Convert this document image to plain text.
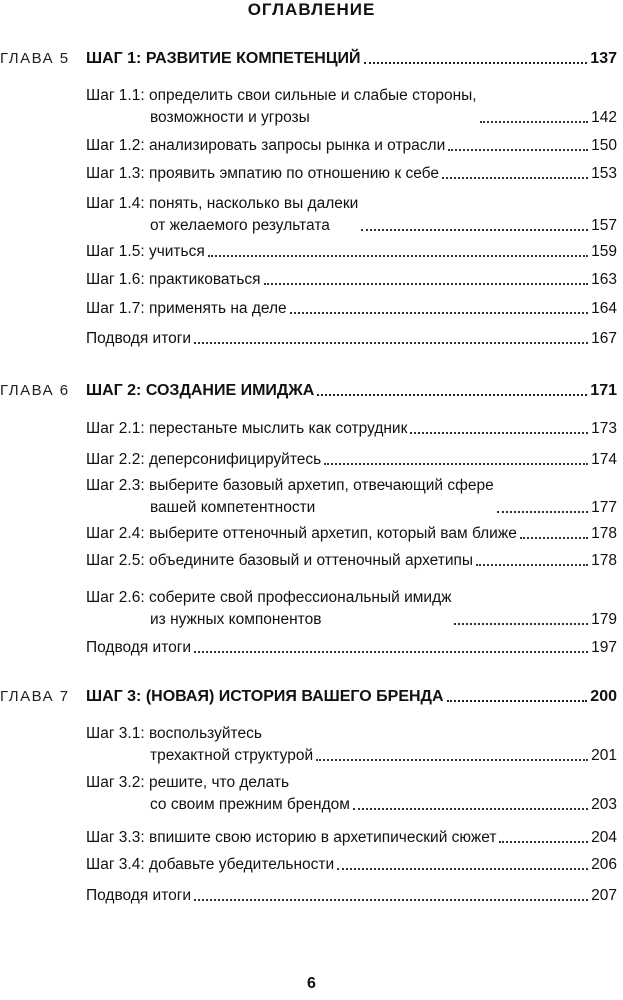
ОГЛАВЛЕНИЕ
ГЛАВА 5 ШАГ 1: РАЗВИТИЕ КОМПЕТЕНЦИЙ	137
Шаг 1.1: определить свои сильные и слабые стороны,
возможности и угрозы	142
Шаг 1.2: анализировать запросы рынка и отрасли	150
Шаг 1.3: проявить эмпатию по отношению к себе	153
Шаг 1.4: понять, насколько вы далеки
от желаемого результата	157
Шаг 1.5: учиться	159
Шаг 1.6: практиковаться	163
Шаг 1.7: применять на деле	164
Подводя итоги	167
ГЛАВА 6 ШАГ 2: СОЗДАНИЕ ИМИДЖА	171
Шаг 2.1: перестаньте мыслить как сотрудник	173
Шаг 2.2: деперсонифицируйтесь	174
Шаг 2.3: выберите базовый архетип, отвечающий сфере
вашей компетентности	177
Шаг 2.4: выберите оттеночный архетип, который вам ближе	178
Шаг 2.5: объедините базовый и оттеночный архетипы	178
Шаг 2.6: соберите свой профессиональный имидж
из нужных компонентов	179
Подводя итоги	197
ГЛАВА 7 ШАГ 3: (НОВАЯ) ИСТОРИЯ ВАШЕГО БРЕНДА	200
Шаг 3.1: воспользуйтесь
трехактной структурой	201
Шаг 3.2: решите, что делать
со своим прежним брендом	203
Шаг 3.3: впишите свою историю в архетипический сюжет	204
Шаг 3.4: добавьте убедительности	206
Подводя итоги	207
6
